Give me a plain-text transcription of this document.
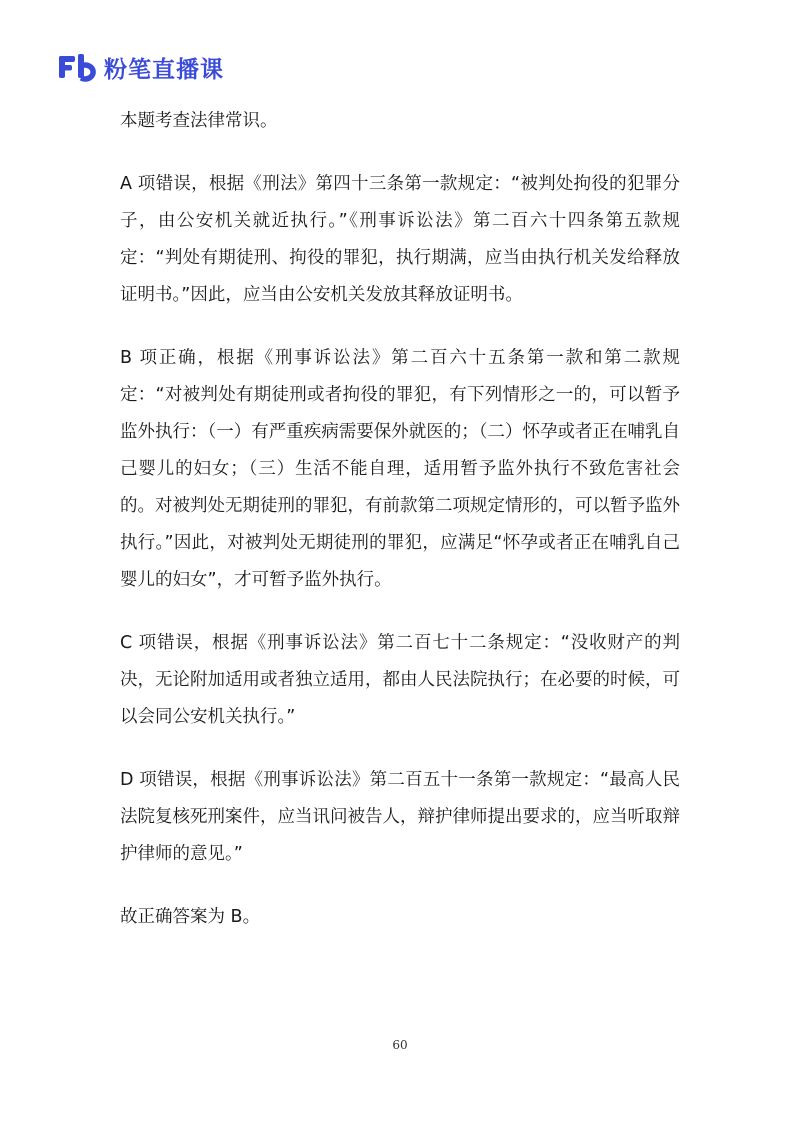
粉笔直播课

本题考查法律常识。

A 项错误，根据《刑法》第四十三条第一款规定：“被判处拘役的犯罪分子，由公安机关就近执行。”《刑事诉讼法》第二百六十四条第五款规定：“判处有期徒刑、拘役的罪犯，执行期满，应当由执行机关发给释放证明书。”因此，应当由公安机关发放其释放证明书。

B 项正确，根据《刑事诉讼法》第二百六十五条第一款和第二款规定：“对被判处有期徒刑或者拘役的罪犯，有下列情形之一的，可以暂予监外执行：（一）有严重疾病需要保外就医的；（二）怀孕或者正在哺乳自己婴儿的妇女；（三）生活不能自理，适用暂予监外执行不致危害社会的。对被判处无期徒刑的罪犯，有前款第二项规定情形的，可以暂予监外执行。”因此，对被判处无期徒刑的罪犯，应满足“怀孕或者正在哺乳自己婴儿的妇女”，才可暂予监外执行。

C 项错误，根据《刑事诉讼法》第二百七十二条规定：“没收财产的判决，无论附加适用或者独立适用，都由人民法院执行；在必要的时候，可以会同公安机关执行。”

D 项错误，根据《刑事诉讼法》第二百五十一条第一款规定：“最高人民法院复核死刑案件，应当讯问被告人，辩护律师提出要求的，应当听取辩护律师的意见。”

故正确答案为 B。

60
